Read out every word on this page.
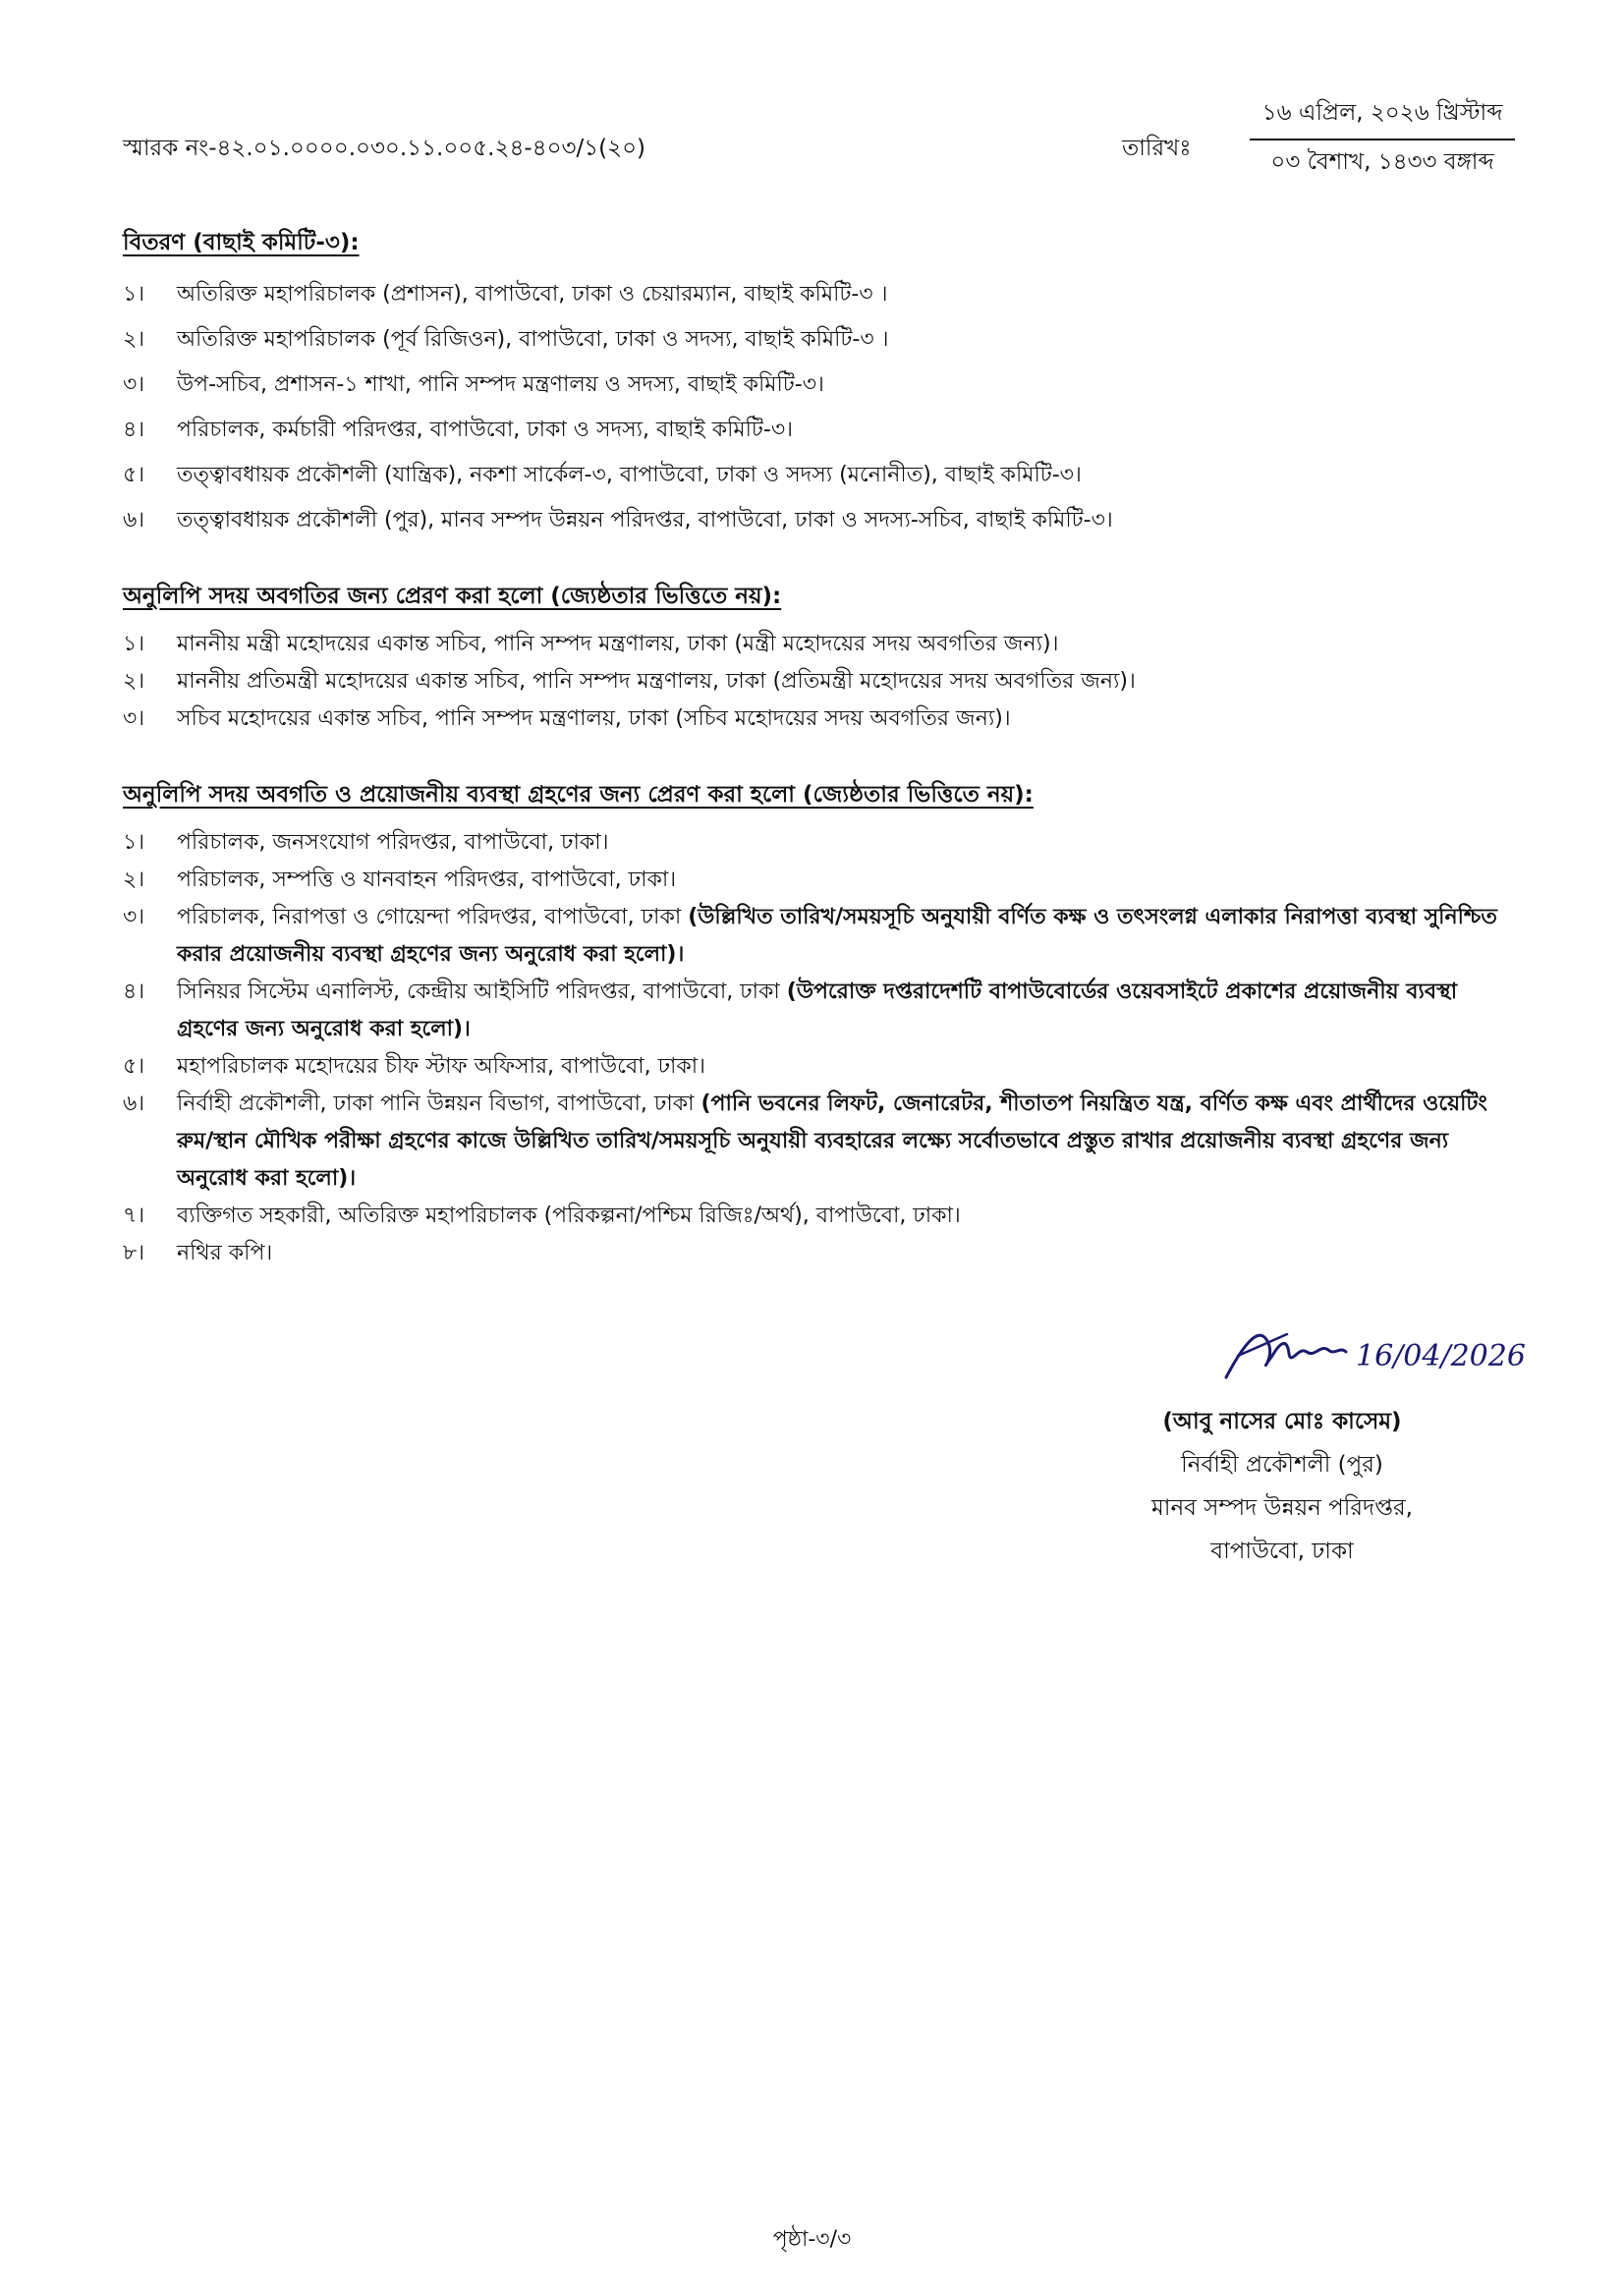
স্মারক নং-৪২.০১.০০০০.০৩০.১১.০০৫.২৪-৪০৩/১(২০)	তারিখঃ
১৬ এপ্রিল, ২০২৬ খ্রিস্টাব্দ
০৩ বৈশাখ, ১৪৩৩ বঙ্গাব্দ
বিতরণ (বাছাই কমিটি-৩):
১। অতিরিক্ত মহাপরিচালক (প্রশাসন), বাপাউবো, ঢাকা ও চেয়ারম্যান, বাছাই কমিটি-৩ ।
২। অতিরিক্ত মহাপরিচালক (পূর্ব রিজিওন), বাপাউবো, ঢাকা ও সদস্য, বাছাই কমিটি-৩ ।
৩। উপ-সচিব, প্রশাসন-১ শাখা, পানি সম্পদ মন্ত্রণালয় ও সদস্য, বাছাই কমিটি-৩।
৪। পরিচালক, কর্মচারী পরিদপ্তর, বাপাউবো, ঢাকা ও সদস্য, বাছাই কমিটি-৩।
৫। তত্ত্বাবধায়ক প্রকৌশলী (যান্ত্রিক), নকশা সার্কেল-৩, বাপাউবো, ঢাকা ও সদস্য (মনোনীত), বাছাই কমিটি-৩।
৬। তত্ত্বাবধায়ক প্রকৌশলী (পুর), মানব সম্পদ উন্নয়ন পরিদপ্তর, বাপাউবো, ঢাকা ও সদস্য-সচিব, বাছাই কমিটি-৩।
অনুলিপি সদয় অবগতির জন্য প্রেরণ করা হলো (জ্যেষ্ঠতার ভিত্তিতে নয়):
১। মাননীয় মন্ত্রী মহোদয়ের একান্ত সচিব, পানি সম্পদ মন্ত্রণালয়, ঢাকা (মন্ত্রী মহোদয়ের সদয় অবগতির জন্য)।
২। মাননীয় প্রতিমন্ত্রী মহোদয়ের একান্ত সচিব, পানি সম্পদ মন্ত্রণালয়, ঢাকা (প্রতিমন্ত্রী মহোদয়ের সদয় অবগতির জন্য)।
৩। সচিব মহোদয়ের একান্ত সচিব, পানি সম্পদ মন্ত্রণালয়, ঢাকা (সচিব মহোদয়ের সদয় অবগতির জন্য)।
অনুলিপি সদয় অবগতি ও প্রয়োজনীয় ব্যবস্থা গ্রহণের জন্য প্রেরণ করা হলো (জ্যেষ্ঠতার ভিত্তিতে নয়):
১। পরিচালক, জনসংযোগ পরিদপ্তর, বাপাউবো, ঢাকা।
২। পরিচালক, সম্পত্তি ও যানবাহন পরিদপ্তর, বাপাউবো, ঢাকা।
৩। পরিচালক, নিরাপত্তা ও গোয়েন্দা পরিদপ্তর, বাপাউবো, ঢাকা (উল্লিখিত তারিখ/সময়সূচি অনুযায়ী বর্ণিত কক্ষ ও তৎসংলগ্ন এলাকার নিরাপত্তা ব্যবস্থা সুনিশ্চিত করার প্রয়োজনীয় ব্যবস্থা গ্রহণের জন্য অনুরোধ করা হলো)।
৪। সিনিয়র সিস্টেম এনালিস্ট, কেন্দ্রীয় আইসিটি পরিদপ্তর, বাপাউবো, ঢাকা (উপরোক্ত দপ্তরাদেশটি বাপাউবোর্ডের ওয়েবসাইটে প্রকাশের প্রয়োজনীয় ব্যবস্থা গ্রহণের জন্য অনুরোধ করা হলো)।
৫। মহাপরিচালক মহোদয়ের চীফ স্টাফ অফিসার, বাপাউবো, ঢাকা।
৬। নির্বাহী প্রকৌশলী, ঢাকা পানি উন্নয়ন বিভাগ, বাপাউবো, ঢাকা (পানি ভবনের লিফট, জেনারেটর, শীতাতপ নিয়ন্ত্রিত যন্ত্র, বর্ণিত কক্ষ এবং প্রার্থীদের ওয়েটিং রুম/স্থান মৌখিক পরীক্ষা গ্রহণের কাজে উল্লিখিত তারিখ/সময়সূচি অনুযায়ী ব্যবহারের লক্ষ্যে সর্বোতভাবে প্রস্তুত রাখার প্রয়োজনীয় ব্যবস্থা গ্রহণের জন্য অনুরোধ করা হলো)।
৭। ব্যক্তিগত সহকারী, অতিরিক্ত মহাপরিচালক (পরিকল্পনা/পশ্চিম রিজিঃ/অর্থ), বাপাউবো, ঢাকা।
৮। নথির কপি।
16/04/2026
(আবু নাসের মোঃ কাসেম)
নির্বাহী প্রকৌশলী (পুর)
মানব সম্পদ উন্নয়ন পরিদপ্তর,
বাপাউবো, ঢাকা
পৃষ্ঠা-৩/৩
